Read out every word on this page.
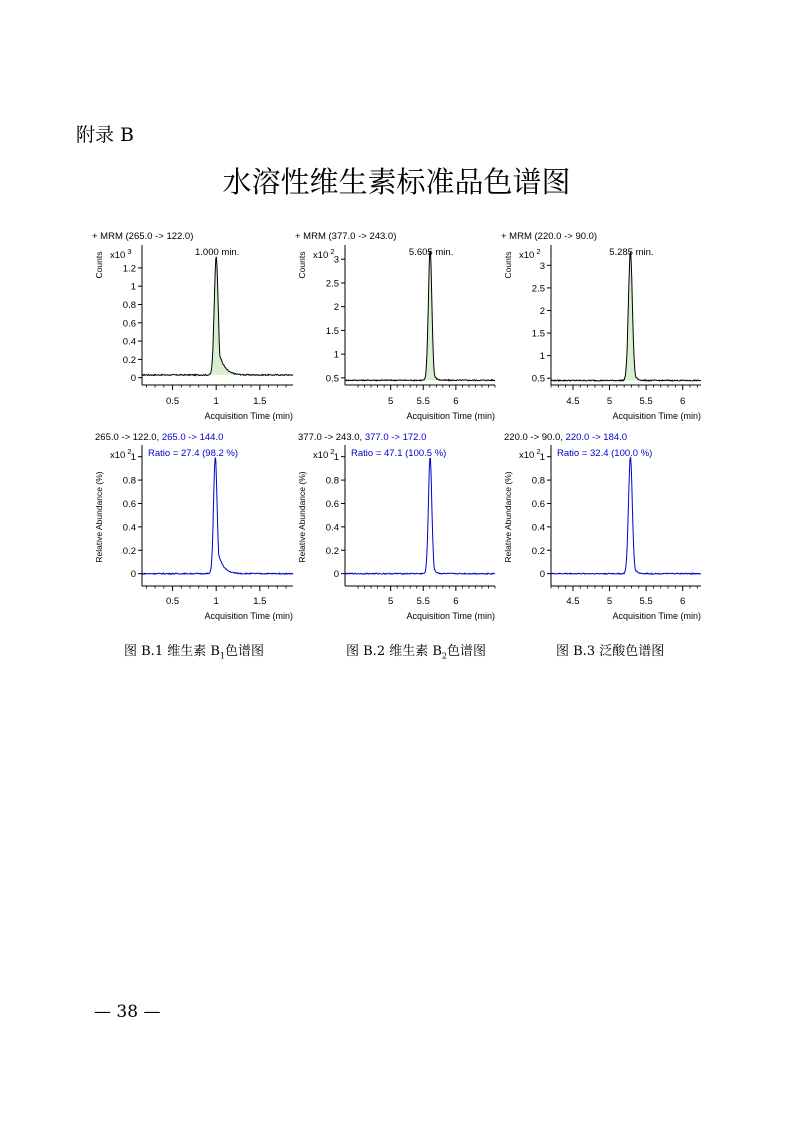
附录 B
水溶性维生素标准品色谱图
+ MRM (265.0 -> 122.0)
x10 $^3$
Counts
Acquisition Time (min)
0
0.2
0.4
0.6
0.8
1
1.2
0.5	1	1.5
1.000 min.
+ MRM (377.0 -> 243.0)
x10 $^2$
Counts
Acquisition Time (min)
0.5
1
1.5
2
2.5
3
5 5.5 6
5.605 min.
+ MRM (220.0 -> 90.0)
x10 $^2$
Counts
Acquisition Time (min)
0.5
1
1.5
2
2.5
3
4.5	5	5.5	6
5.285 min.
265.0 -> 122.0, 265.0 -> 144.0
x10 $^2$
Relative Abundance (%)
Acquisition Time (min)
0
0.2
0.4
0.6
0.8
1
0.5	1	1.5
Ratio = 27.4 (98.2 %)
377.0 -> 243.0, 377.0 -> 172.0
x10 $^2$
Relative Abundance (%)
Acquisition Time (min)
0
0.2
0.4
0.6
0.8
1
5 5.5 6
Ratio = 47.1 (100.5 %)
220.0 -> 90.0, 220.0 -> 184.0
x10 $^2$
Relative Abundance (%)
Acquisition Time (min)
0
0.2
0.4
0.6
0.8
1
4.5	5	5.5	6
Ratio = 32.4 (100.0 %)
图 B.1 维生素 $B_1$色谱图	图 B.2 维生素 $B_2$色谱图	图 B.3 泛酸色谱图
— 38 —
